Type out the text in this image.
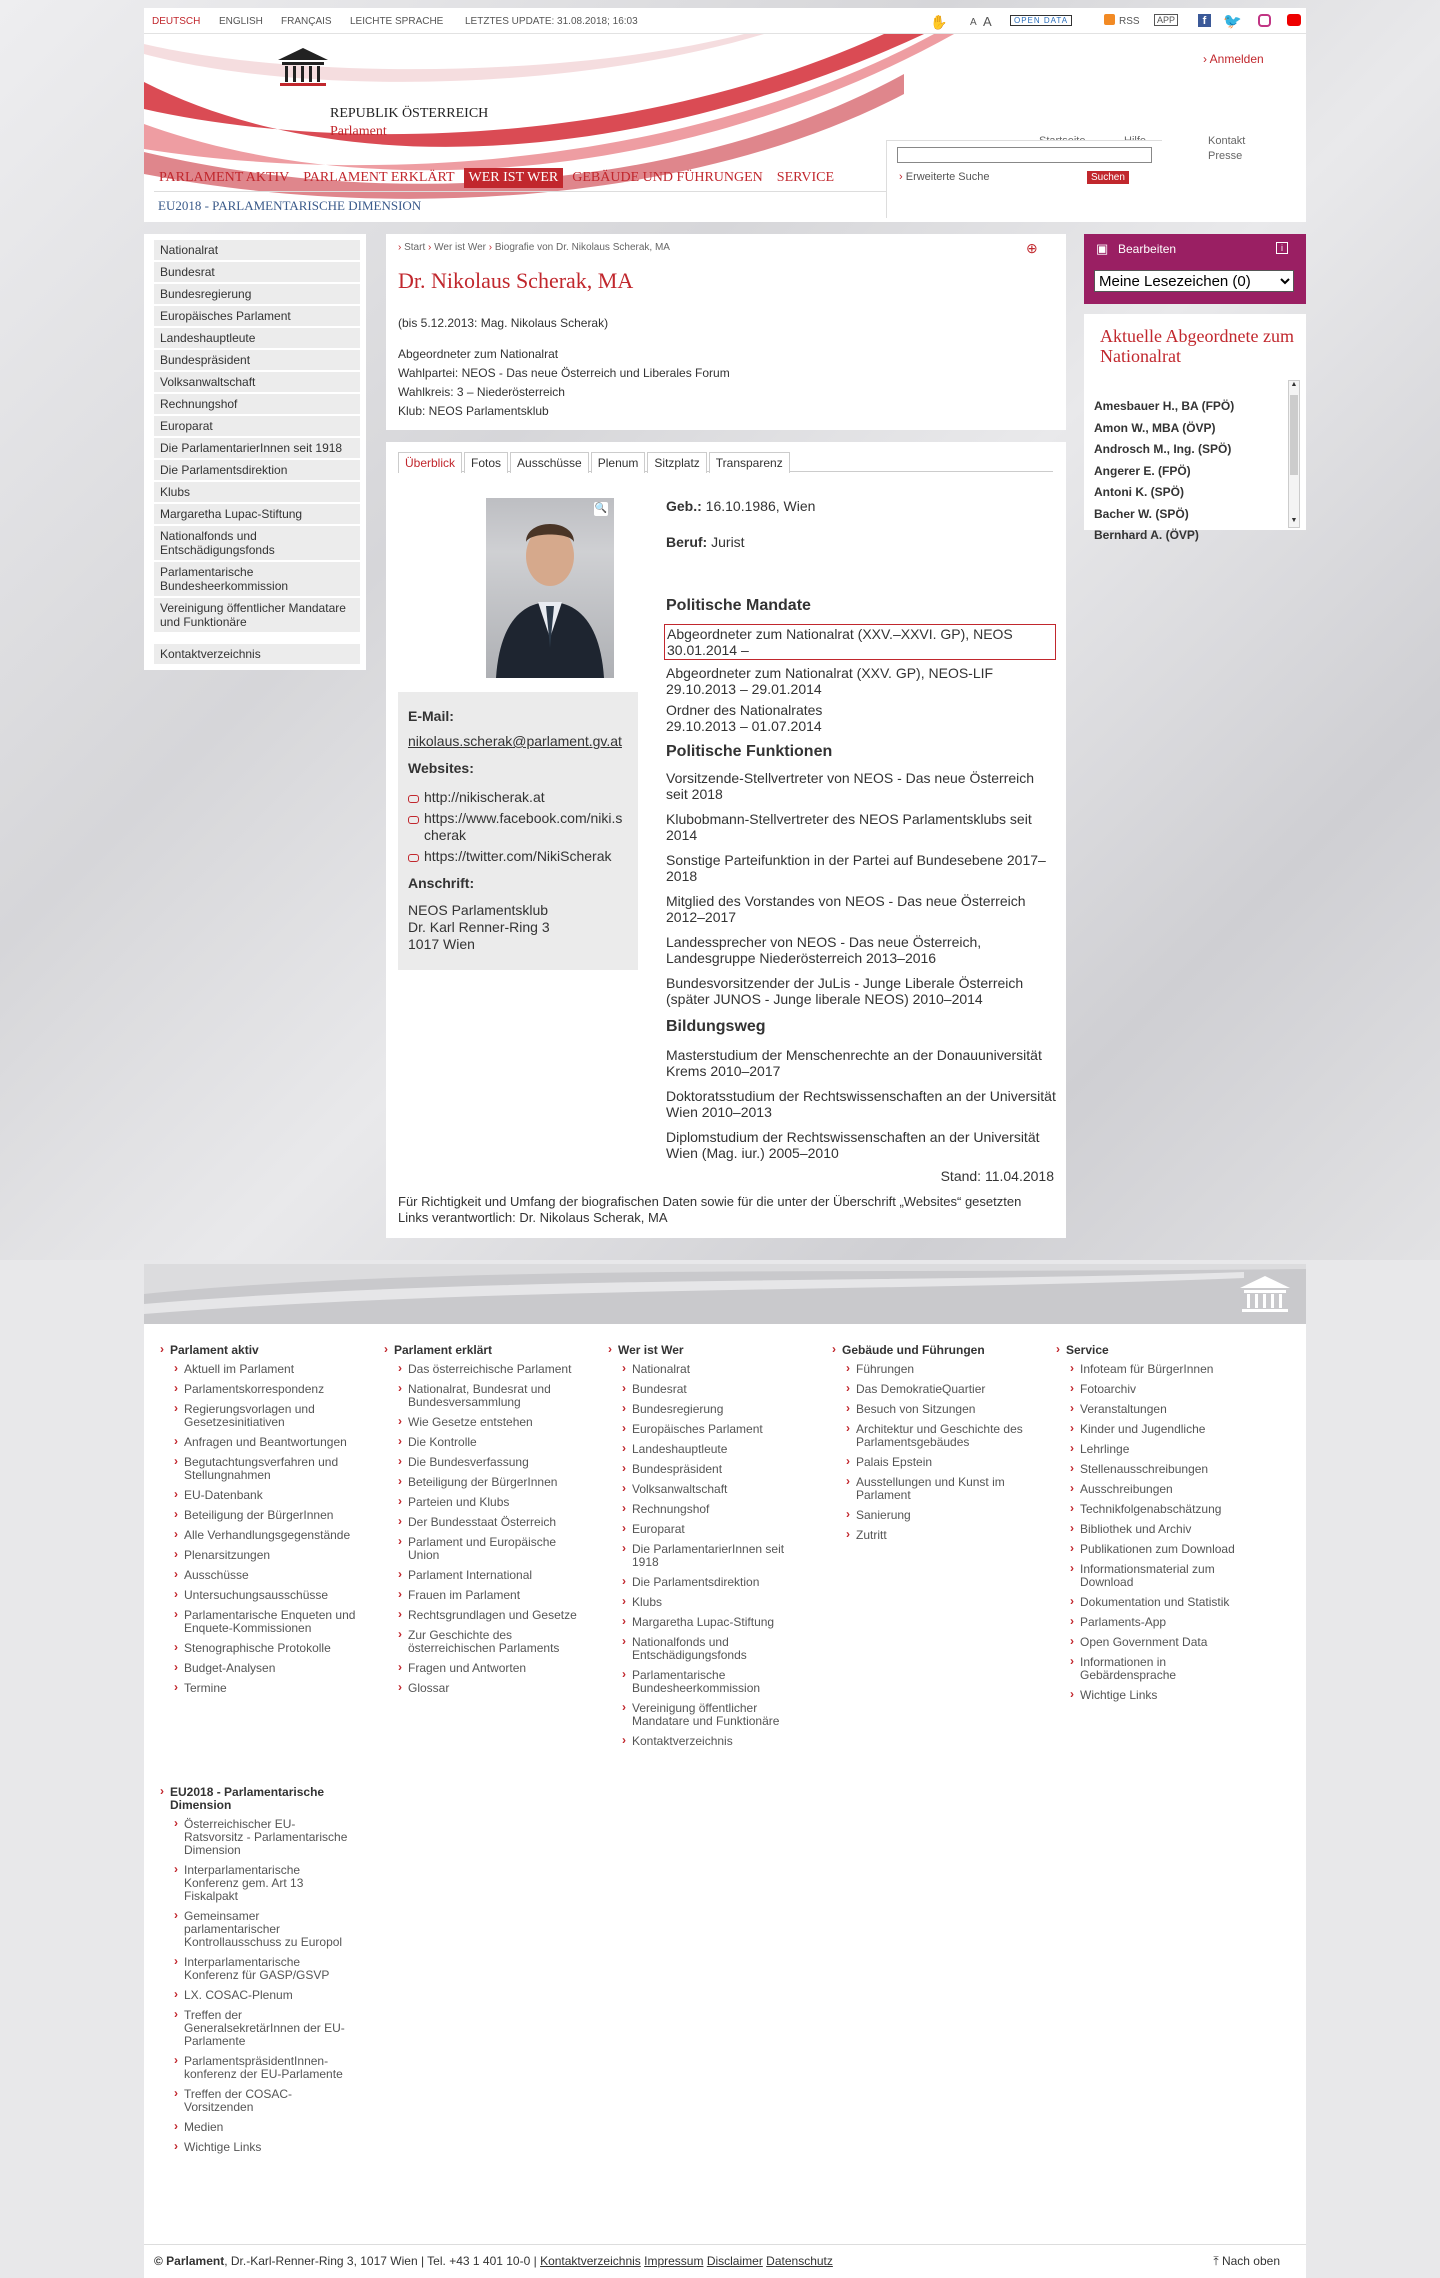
DEUTSCH ENGLISH FRANÇAIS LEICHTE SPRACHE LETZTES UPDATE: 31.08.2018; 16:03	✋ A A	OPEN DATA	RSS	APP	f	🐦
REPUBLIK ÖSTERREICH
Parlament
› Anmelden
Kontakt
Presse
PARLAMENT AKTIV PARLAMENT ERKLÄRT WER IST WER GEBÄUDE UND FÜHRUNGEN SERVICE
EU2018 - PARLAMENTARISCHE DIMENSION
› Erweiterte Suche	Suchen
Nationalrat
Bundesrat
Bundesregierung
Europäisches Parlament
Landeshauptleute
Bundespräsident
Volksanwaltschaft
Rechnungshof
Europarat
Die ParlamentarierInnen seit 1918
Die Parlamentsdirektion
Klubs
Margaretha Lupac-Stiftung
Nationalfonds und Entschädigungsfonds
Parlamentarische Bundesheerkommission
Vereinigung öffentlicher Mandatare und Funktionäre
Kontaktverzeichnis
› Start › Wer ist Wer › Biografie von Dr. Nikolaus Scherak, MA	⊕
Dr. Nikolaus Scherak, MA
(bis 5.12.2013: Mag. Nikolaus Scherak)
Abgeordneter zum Nationalrat
Wahlpartei: NEOS - Das neue Österreich und Liberales Forum
Wahlkreis: 3 – Niederösterreich
Klub: NEOS Parlamentsklub
Überblick Fotos Ausschüsse Plenum Sitzplatz Transparenz
🔍
E-Mail:
nikolaus.scherak@parlament.gv.at
Websites:
http://nikischerak.at
https://www.facebook.com/niki.scherak
https://twitter.com/NikiScherak
Anschrift:
NEOS Parlamentsklub
Dr. Karl Renner-Ring 3
1017 Wien
Geb.: 16.10.1986, Wien
Beruf: Jurist
Politische Mandate
Abgeordneter zum Nationalrat (XXV.–XXVI. GP), NEOS
30.01.2014 –
Abgeordneter zum Nationalrat (XXV. GP), NEOS-LIF
29.10.2013 – 29.01.2014
Ordner des Nationalrates
29.10.2013 – 01.07.2014
Politische Funktionen
Vorsitzende-Stellvertreter von NEOS - Das neue Österreich seit 2018
Klubobmann-Stellvertreter des NEOS Parlamentsklubs seit 2014
Sonstige Parteifunktion in der Partei auf Bundesebene 2017–2018
Mitglied des Vorstandes von NEOS - Das neue Österreich 2012–2017
Landessprecher von NEOS - Das neue Österreich, Landesgruppe Niederösterreich 2013–2016
Bundesvorsitzender der JuLis - Junge Liberale Österreich (später JUNOS - Junge liberale NEOS) 2010–2014
Bildungsweg
Masterstudium der Menschenrechte an der Donauuniversität Krems 2010–2017
Doktoratsstudium der Rechtswissenschaften an der Universität Wien 2010–2013
Diplomstudium der Rechtswissenschaften an der Universität Wien (Mag. iur.) 2005–2010
Stand: 11.04.2018
Für Richtigkeit und Umfang der biografischen Daten sowie für die unter der Überschrift „Websites“ gesetzten Links verantwortlich: Dr. Nikolaus Scherak, MA
▣ Bearbeiten	i
Meine Lesezeichen (0)
Aktuelle Abgeordnete zum Nationalrat
Amesbauer H., BA (FPÖ)
Amon W., MBA (ÖVP)
Androsch M., Ing. (SPÖ)
Angerer E. (FPÖ)
Antoni K. (SPÖ)
Bacher W. (SPÖ)
Bernhard A. (ÖVP)
▲
▼
› Parlament aktiv
› Aktuell im Parlament
› Parlamentskorrespondenz
› Regierungsvorlagen und Gesetzesinitiativen
› Anfragen und Beantwortungen
› Begutachtungsverfahren und Stellungnahmen
› EU-Datenbank
› Beteiligung der BürgerInnen
› Alle Verhandlungsgegenstände
› Plenarsitzungen
› Ausschüsse
› Untersuchungsausschüsse
› Parlamentarische Enqueten und Enquete-Kommissionen
› Stenographische Protokolle
› Budget-Analysen
› Termine
› Parlament erklärt
› Das österreichische Parlament
› Nationalrat, Bundesrat und Bundesversammlung
› Wie Gesetze entstehen
› Die Kontrolle
› Die Bundesverfassung
› Beteiligung der BürgerInnen
› Parteien und Klubs
› Der Bundesstaat Österreich
› Parlament und Europäische Union
› Parlament International
› Frauen im Parlament
› Rechtsgrundlagen und Gesetze
› Zur Geschichte des österreichischen Parlaments
› Fragen und Antworten
› Glossar
› Wer ist Wer
› Nationalrat
› Bundesrat
› Bundesregierung
› Europäisches Parlament
› Landeshauptleute
› Bundespräsident
› Volksanwaltschaft
› Rechnungshof
› Europarat
› Die ParlamentarierInnen seit 1918
› Die Parlamentsdirektion
› Klubs
› Margaretha Lupac-Stiftung
› Nationalfonds und Entschädigungsfonds
› Parlamentarische Bundesheerkommission
› Vereinigung öffentlicher Mandatare und Funktionäre
› Kontaktverzeichnis
› Gebäude und Führungen
› Führungen
› Das DemokratieQuartier
› Besuch von Sitzungen
› Architektur und Geschichte des Parlamentsgebäudes
› Palais Epstein
› Ausstellungen und Kunst im Parlament
› Sanierung
› Zutritt
› Service
› Infoteam für BürgerInnen
› Fotoarchiv
› Veranstaltungen
› Kinder und Jugendliche
› Lehrlinge
› Stellenausschreibungen
› Ausschreibungen
› Technikfolgenabschätzung
› Bibliothek und Archiv
› Publikationen zum Download
› Informationsmaterial zum Download
› Dokumentation und Statistik
› Parlaments-App
› Open Government Data
› Informationen in Gebärdensprache
› Wichtige Links
› EU2018 - Parlamentarische Dimension
› Österreichischer EU-Ratsvorsitz - Parlamentarische Dimension
› Interparlamentarische Konferenz gem. Art 13 Fiskalpakt
› Gemeinsamer parlamentarischer Kontrollausschuss zu Europol
› Interparlamentarische Konferenz für GASP/GSVP
› LX. COSAC-Plenum
› Treffen der GeneralsekretärInnen der EU-Parlamente
› ParlamentspräsidentInnen-konferenz der EU-Parlamente
› Treffen der COSAC-Vorsitzenden
› Medien
› Wichtige Links
© Parlament, Dr.-Karl-Renner-Ring 3, 1017 Wien | Tel. +43 1 401 10-0 | Kontaktverzeichnis Impressum Disclaimer Datenschutz	⤒ Nach oben
